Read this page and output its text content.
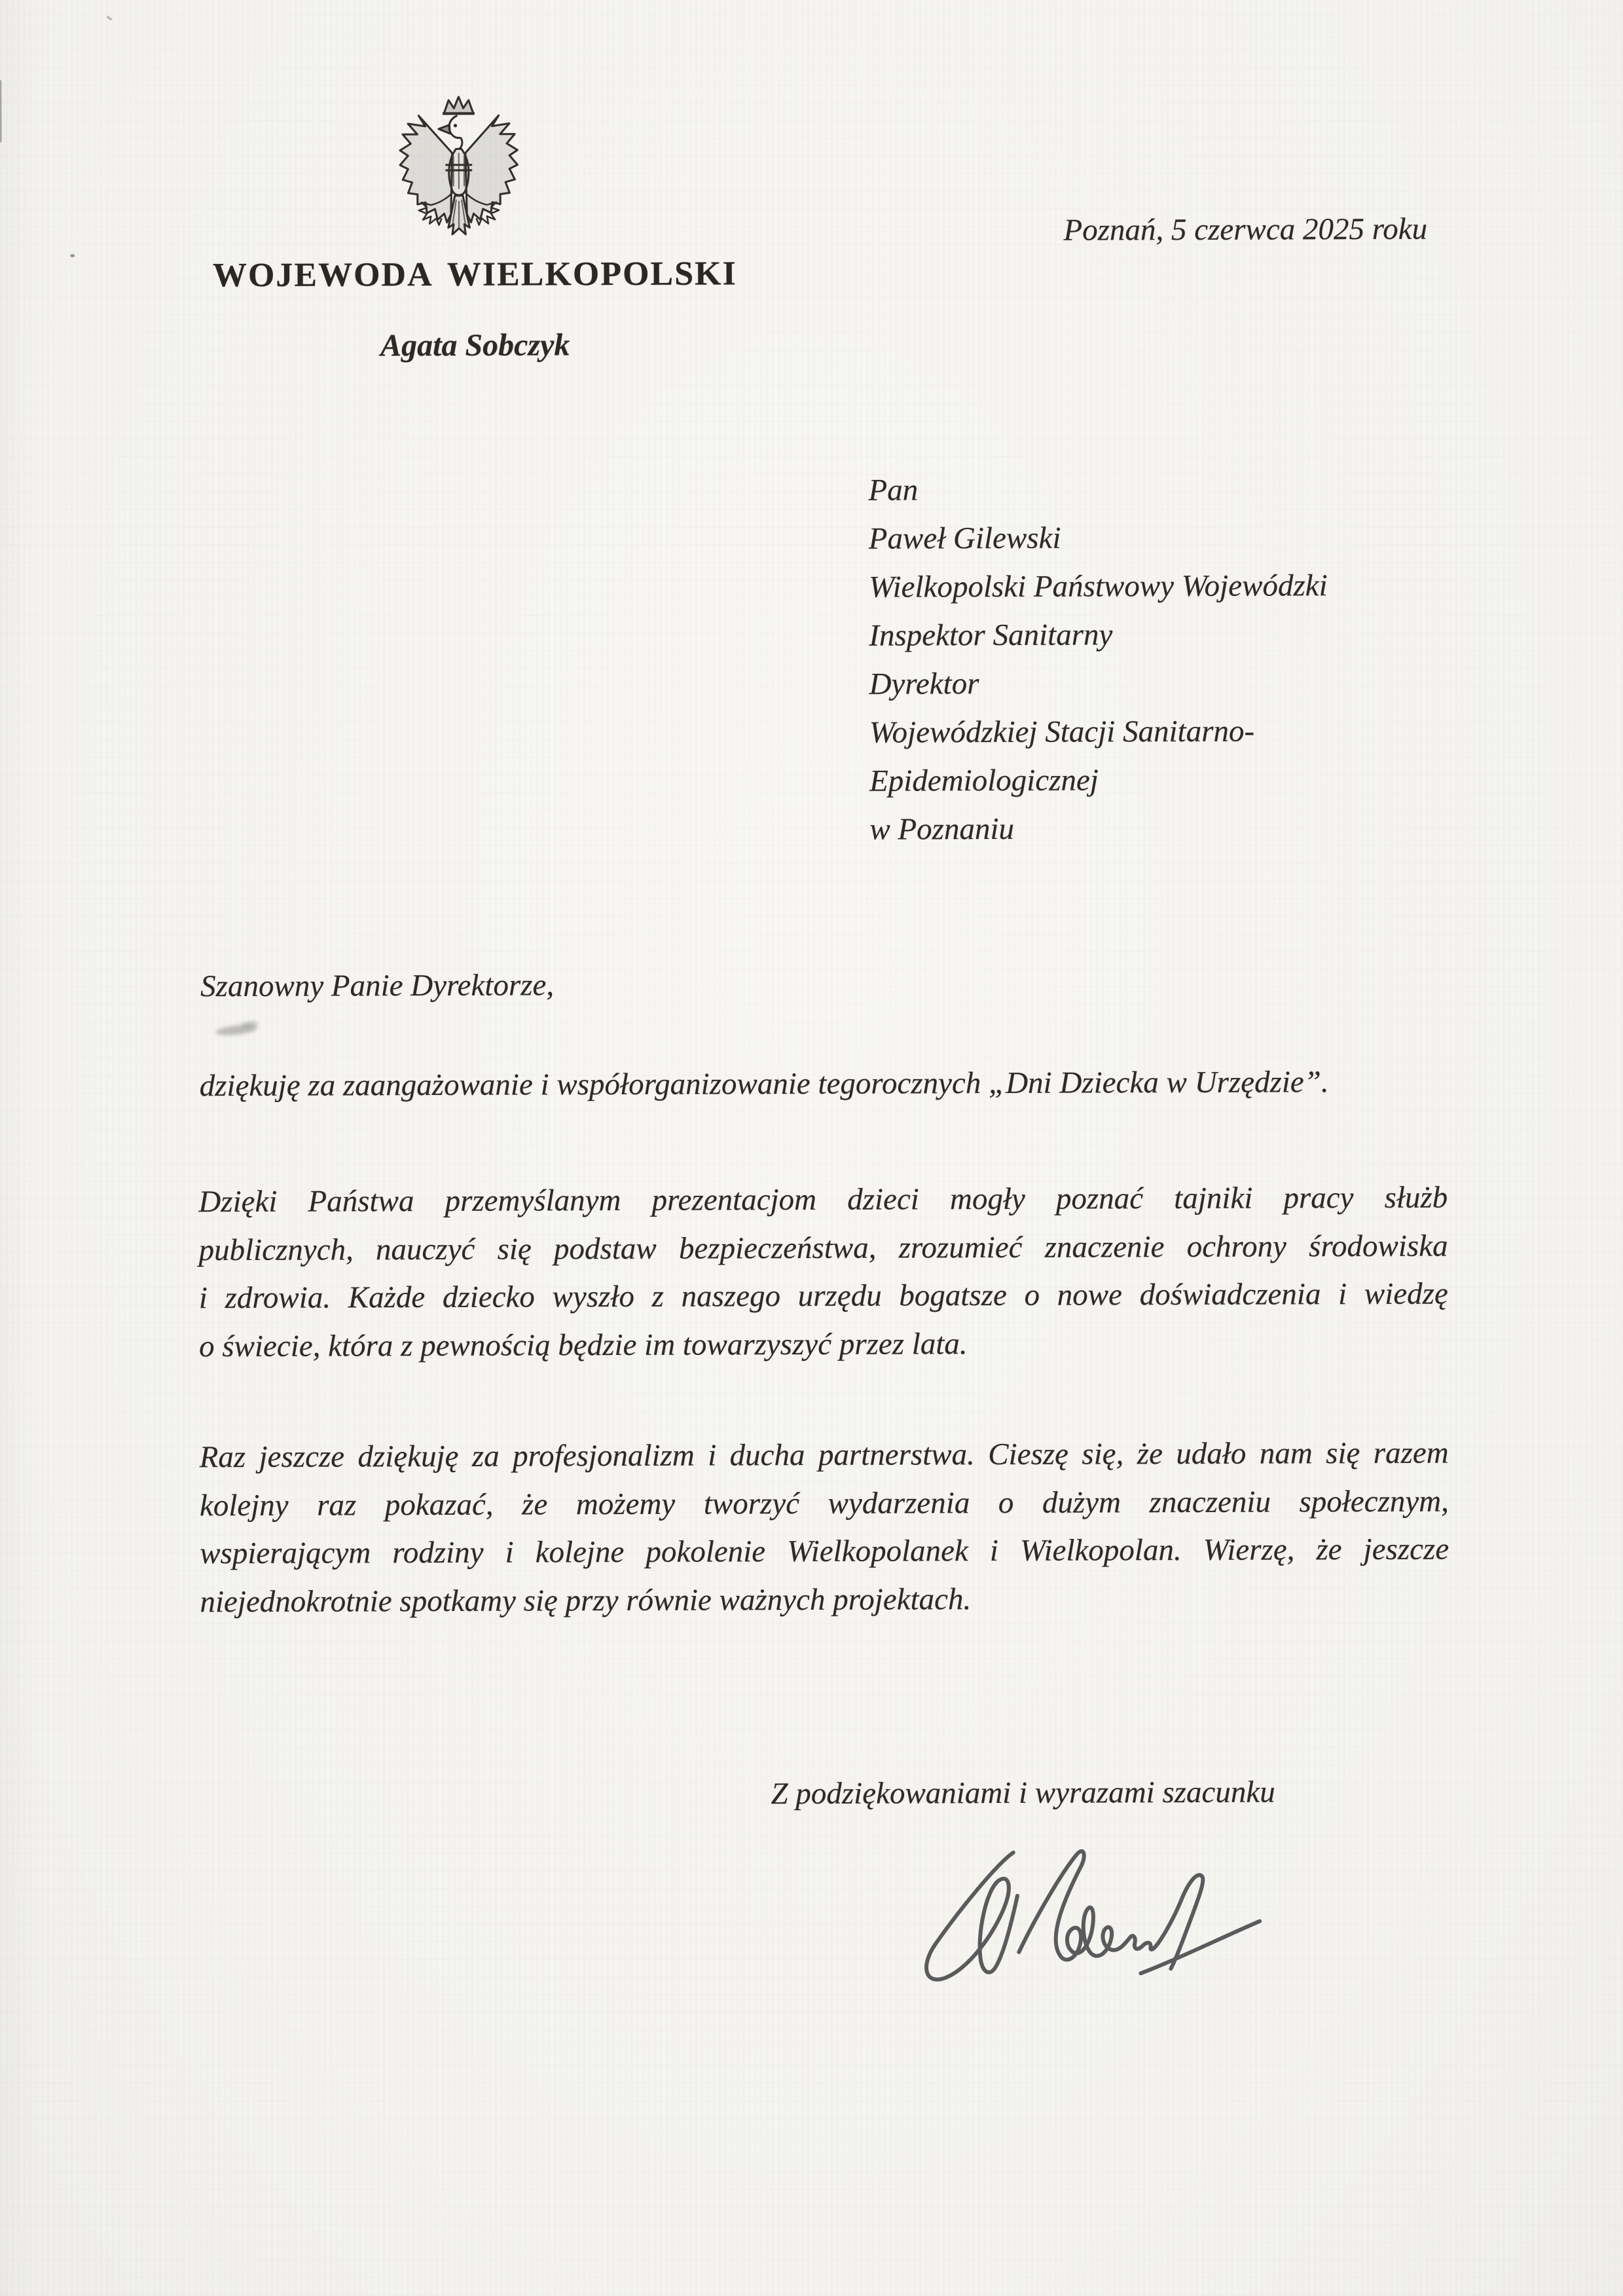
WOJEWODA WIELKOPOLSKI
Agata Sobczyk
Poznań, 5 czerwca 2025 roku
Pan
Paweł Gilewski
Wielkopolski Państwowy Wojewódzki
Inspektor Sanitarny
Dyrektor
Wojewódzkiej Stacji Sanitarno-
Epidemiologicznej
w Poznaniu
Szanowny Panie Dyrektorze,
dziękuję za zaangażowanie i współorganizowanie tegorocznych „Dni Dziecka w Urzędzie”.
Dzięki Państwa przemyślanym prezentacjom dzieci mogły poznać tajniki pracy służb
publicznych, nauczyć się podstaw bezpieczeństwa, zrozumieć znaczenie ochrony środowiska
i zdrowia. Każde dziecko wyszło z naszego urzędu bogatsze o nowe doświadczenia i wiedzę
o świecie, która z pewnością będzie im towarzyszyć przez lata.
Raz jeszcze dziękuję za profesjonalizm i ducha partnerstwa. Cieszę się, że udało nam się razem
kolejny raz pokazać, że możemy tworzyć wydarzenia o dużym znaczeniu społecznym,
wspierającym rodziny i kolejne pokolenie Wielkopolanek i Wielkopolan. Wierzę, że jeszcze
niejednokrotnie spotkamy się przy równie ważnych projektach.
Z podziękowaniami i wyrazami szacunku
